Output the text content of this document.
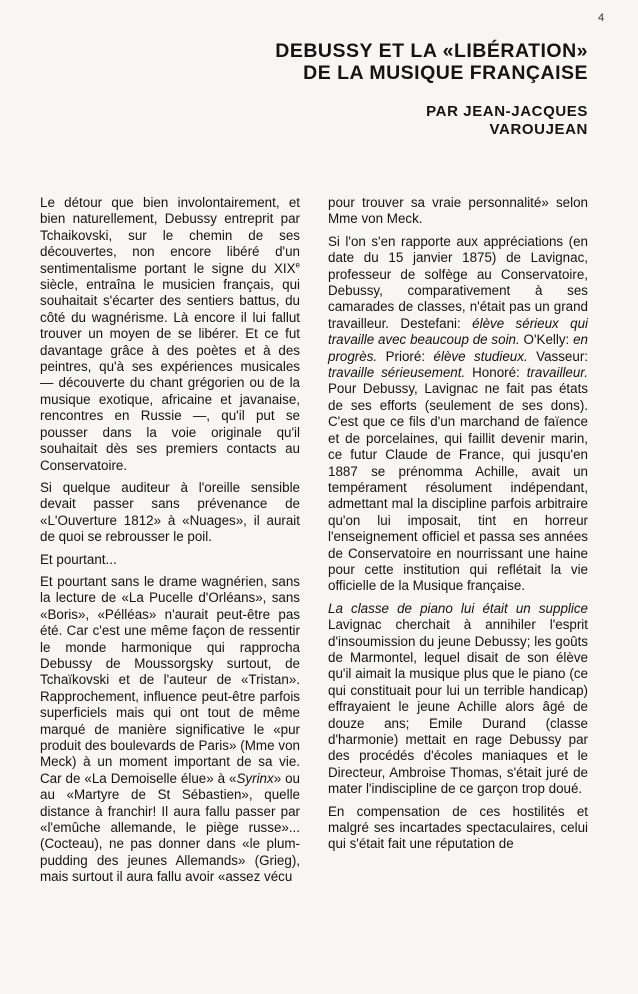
4
DEBUSSY ET LA «LIBÉRATION»
DE LA MUSIQUE FRANÇAISE
PAR JEAN-JACQUES
VAROUJEAN

Le détour que bien involontairement, et bien naturellement, Debussy entreprit par Tchaikovski, sur le chemin de ses découvertes, non encore libéré d'un sentimentalisme portant le signe du XIXe siècle, entraîna le musicien français, qui souhaitait s'écarter des sentiers battus, du côté du wagnérisme. Là encore il lui fallut trouver un moyen de se libérer. Et ce fut davantage grâce à des poètes et à des peintres, qu'à ses expériences musicales — découverte du chant grégorien ou de la musique exotique, africaine et javanaise, rencontres en Russie —, qu'il put se pousser dans la voie originale qu'il souhaitait dès ses premiers contacts au Conservatoire.

Si quelque auditeur à l'oreille sensible devait passer sans prévenance de «L'Ouverture 1812» à «Nuages», il aurait de quoi se rebrousser le poil.

Et pourtant...

Et pourtant sans le drame wagnérien, sans la lecture de «La Pucelle d'Orléans», sans «Boris», «Pélléas» n'aurait peut-être pas été. Car c'est une même façon de ressentir le monde harmonique qui rapprocha Debussy de Moussorgsky surtout, de Tchaïkovski et de l'auteur de «Tristan». Rapprochement, influence peut-être parfois superficiels mais qui ont tout de même marqué de manière significative le «pur produit des boulevards de Paris» (Mme von Meck) à un moment important de sa vie. Car de «La Demoiselle élue» à «Syrinx» ou au «Martyre de St Sébastien», quelle distance à franchir! Il aura fallu passer par «l'emûche allemande, le piège russe»... (Cocteau), ne pas donner dans «le plum-pudding des jeunes Allemands» (Grieg), mais surtout il aura fallu avoir «assez vécu

pour trouver sa vraie personnalité» selon Mme von Meck.

Si l'on s'en rapporte aux appréciations (en date du 15 janvier 1875) de Lavignac, professeur de solfège au Conservatoire, Debussy, comparativement à ses camarades de classes, n'était pas un grand travailleur. Destefani: élève sérieux qui travaille avec beaucoup de soin. O'Kelly: en progrès. Prioré: élève studieux. Vasseur: travaille sérieusement. Honoré: travailleur. Pour Debussy, Lavignac ne fait pas états de ses efforts (seulement de ses dons). C'est que ce fils d'un marchand de faïence et de porcelaines, qui faillit devenir marin, ce futur Claude de France, qui jusqu'en 1887 se prénomma Achille, avait un tempérament résolument indépendant, admettant mal la discipline parfois arbitraire qu'on lui imposait, tint en horreur l'enseignement officiel et passa ses années de Conservatoire en nourrissant une haine pour cette institution qui reflétait la vie officielle de la Musique française.

La classe de piano lui était un supplice Lavignac cherchait à annihiler l'esprit d'insoumission du jeune Debussy; les goûts de Marmontel, lequel disait de son élève qu'il aimait la musique plus que le piano (ce qui constituait pour lui un terrible handicap) effrayaient le jeune Achille alors âgé de douze ans; Emile Durand (classe d'harmonie) mettait en rage Debussy par des procédés d'écoles maniaques et le Directeur, Ambroise Thomas, s'était juré de mater l'indiscipline de ce garçon trop doué.

En compensation de ces hostilités et malgré ses incartades spectaculaires, celui qui s'était fait une réputation de
